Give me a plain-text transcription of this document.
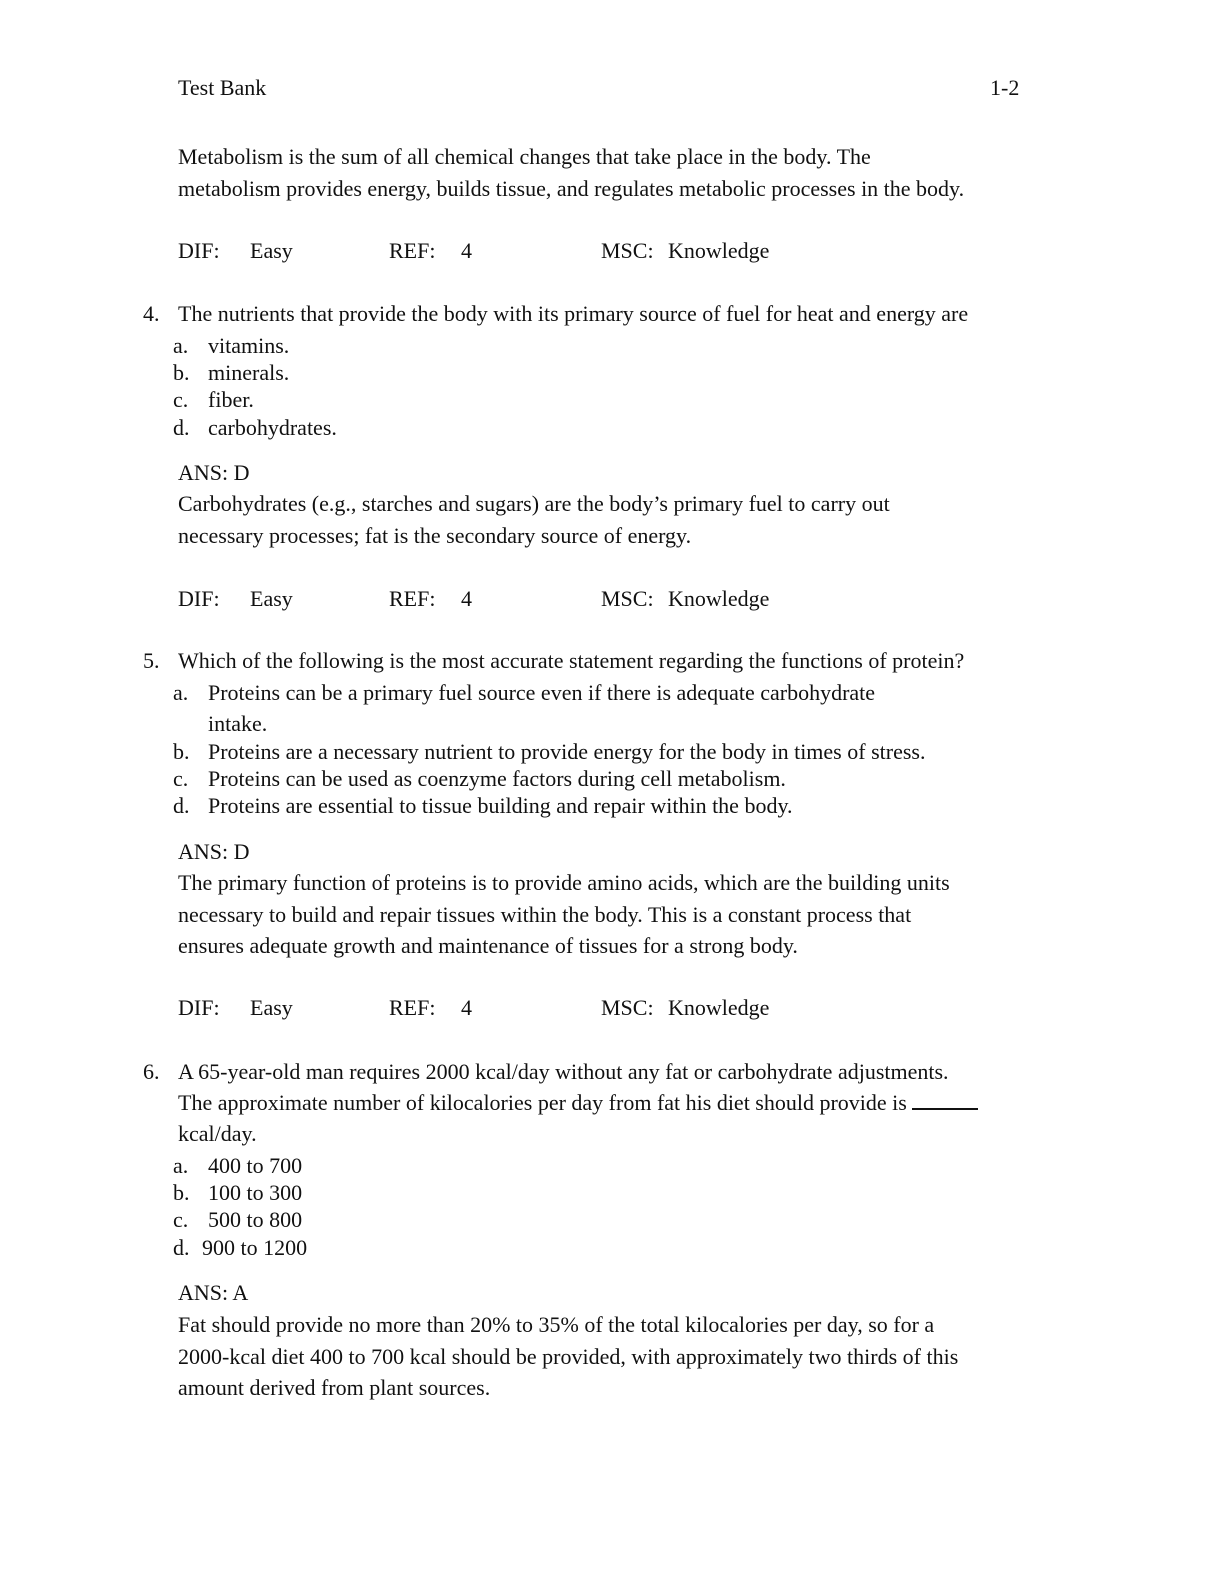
Test Bank	1-2
Metabolism is the sum of all chemical changes that take place in the body. The
metabolism provides energy, builds tissue, and regulates metabolic processes in the body.
DIF: Easy	REF: 4	MSC: Knowledge
4. The nutrients that provide the body with its primary source of fuel for heat and energy are
a. vitamins.
b. minerals.
c. fiber.
d. carbohydrates.
ANS: D
Carbohydrates (e.g., starches and sugars) are the body’s primary fuel to carry out
necessary processes; fat is the secondary source of energy.
DIF: Easy	REF: 4	MSC: Knowledge
5. Which of the following is the most accurate statement regarding the functions of protein?
a. Proteins can be a primary fuel source even if there is adequate carbohydrate
intake.
b. Proteins are a necessary nutrient to provide energy for the body in times of stress.
c. Proteins can be used as coenzyme factors during cell metabolism.
d. Proteins are essential to tissue building and repair within the body.
ANS: D
The primary function of proteins is to provide amino acids, which are the building units
necessary to build and repair tissues within the body. This is a constant process that
ensures adequate growth and maintenance of tissues for a strong body.
DIF: Easy	REF: 4	MSC: Knowledge
6. A 65-year-old man requires 2000 kcal/day without any fat or carbohydrate adjustments.
The approximate number of kilocalories per day from fat his diet should provide is
kcal/day.
a. 400 to 700
b. 100 to 300
c. 500 to 800
d. 900 to 1200
ANS: A
Fat should provide no more than 20% to 35% of the total kilocalories per day, so for a
2000-kcal diet 400 to 700 kcal should be provided, with approximately two thirds of this
amount derived from plant sources.
